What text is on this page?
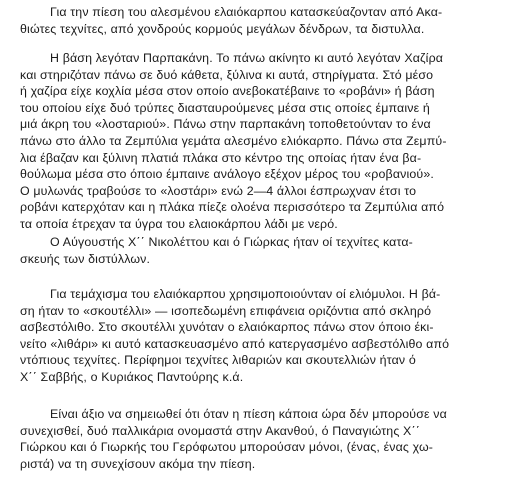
Για την πίεση του αλεσμένου ελαιόκαρπου κατασκεύαζονταν από Ακα-
θιώτες τεχνίτες, από χονδρούς κορμούς μεγάλων δένδρων, τα διστυλλα.

Η βάση λεγόταν Παρπακάνη. Το πάνω ακίνητο κι αυτό λεγόταν Χαζίρα
και στηριζόταν πάνω σε δυό κάθετα, ξύλινα κι αυτά, στηρίγματα. Στό μέσο
ή χαζίρα είχε κοχλία μέσα στον οποίο ανεβοκατέβαινε το «ροβάνι» ή βάση
του οποίου είχε δυό τρύπες διασταυρούμενες μέσα στις οποίες έμπαινε ή
μιά άκρη του «λοσταριού». Πάνω στην παρπακάνη τοποθετούνταν το ένα
πάνω στο άλλο τα Ζεμπύλια γεμάτα αλεσμένο ελιόκαρπο. Πάνω στα Ζεμπύ-
λια έβαζαν και ξύλινη πλατιά πλάκα στο κέντρο της οποίας ήταν ένα βα-
θούλωμα μέσα στο όποιο έμπαινε ανάλογο εξέχον μέρος του «ροβανιού».
Ο μυλωνάς τραβούσε το «λοστάρι» ενώ 2—4 άλλοι έσπρωχναν έτσι το
ροβάνι κατερχόταν και η πλάκα πίεζε ολοένα περισσότερο τα Ζεμπύλια από
τα οποία έτρεχαν τα ύγρα του ελαιοκάρπου λάδι με νερό.

Ο Αύγουστής Χ΄΄ Νικολέττου και ό Γιώρκας ήταν οί τεχνίτες κατα-
σκευής των διστύλλων.

Για τεμάχισμα του ελαιόκαρπου χρησιμοποιούνταν οί ελιόμυλοι. Η βά-
ση ήταν το «σκουτέλλι» — ισοπεδωμένη επιφάνεια οριζόντια από σκληρό
ασβεστόλιθο. Στο σκουτέλλι χυνόταν ο ελαιόκαρπος πάνω στον όποιο έκι-
νείτο «λιθάρι» κι αυτό κατασκευασμένο από κατεργασμένο ασβεστόλιθο από
ντόπιους τεχνίτες. Περίφημοι τεχνίτες λιθαριών και σκουτελλιών ήταν ό
Χ΄΄ Σαββής, ο Κυριάκος Παντούρης κ.ά.

Είναι άξιο να σημειωθεί ότι όταν η πίεση κάποια ώρα δέν μπορούσε να
συνεχισθεί, δυό παλλικάρια ονομαστά στην Ακανθού, ό Παναγιώτης Χ΄΄
Γιώρκου και ό Γιωρκής του Γερόφωτου μπορούσαν μόνοι, (ένας, ένας χω-
ριστά) να τη συνεχίσουν ακόμα την πίεση.
